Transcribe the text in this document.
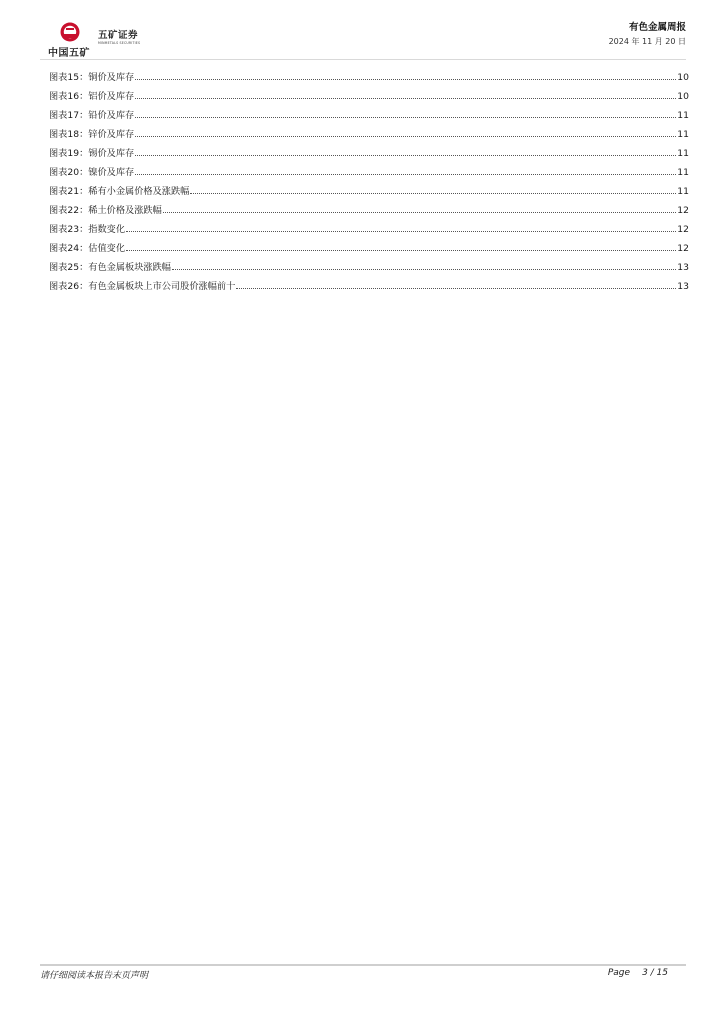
中国五矿
五矿证券
MINMETALS SECURITIES
有色金属周报
2024 年 11 月 20 日
图表 15 ： 铜价及库存	10
图表 16 ： 铝价及库存	10
图表 17 ： 铅价及库存	11
图表 18 ： 锌价及库存	11
图表 19 ： 锡价及库存	11
图表 20 ： 镍价及库存	11
图表 21 ： 稀有小金属价格及涨跌幅	11
图表 22 ： 稀土价格及涨跌幅	12
图表 23 ： 指数变化	12
图表 24 ： 估值变化	12
图表 25 ： 有色金属板块涨跌幅	13
图表 26 ： 有色金属板块上市公司股价涨幅前十	13
请仔细阅读本报告末页声明	Page 3 / 15
